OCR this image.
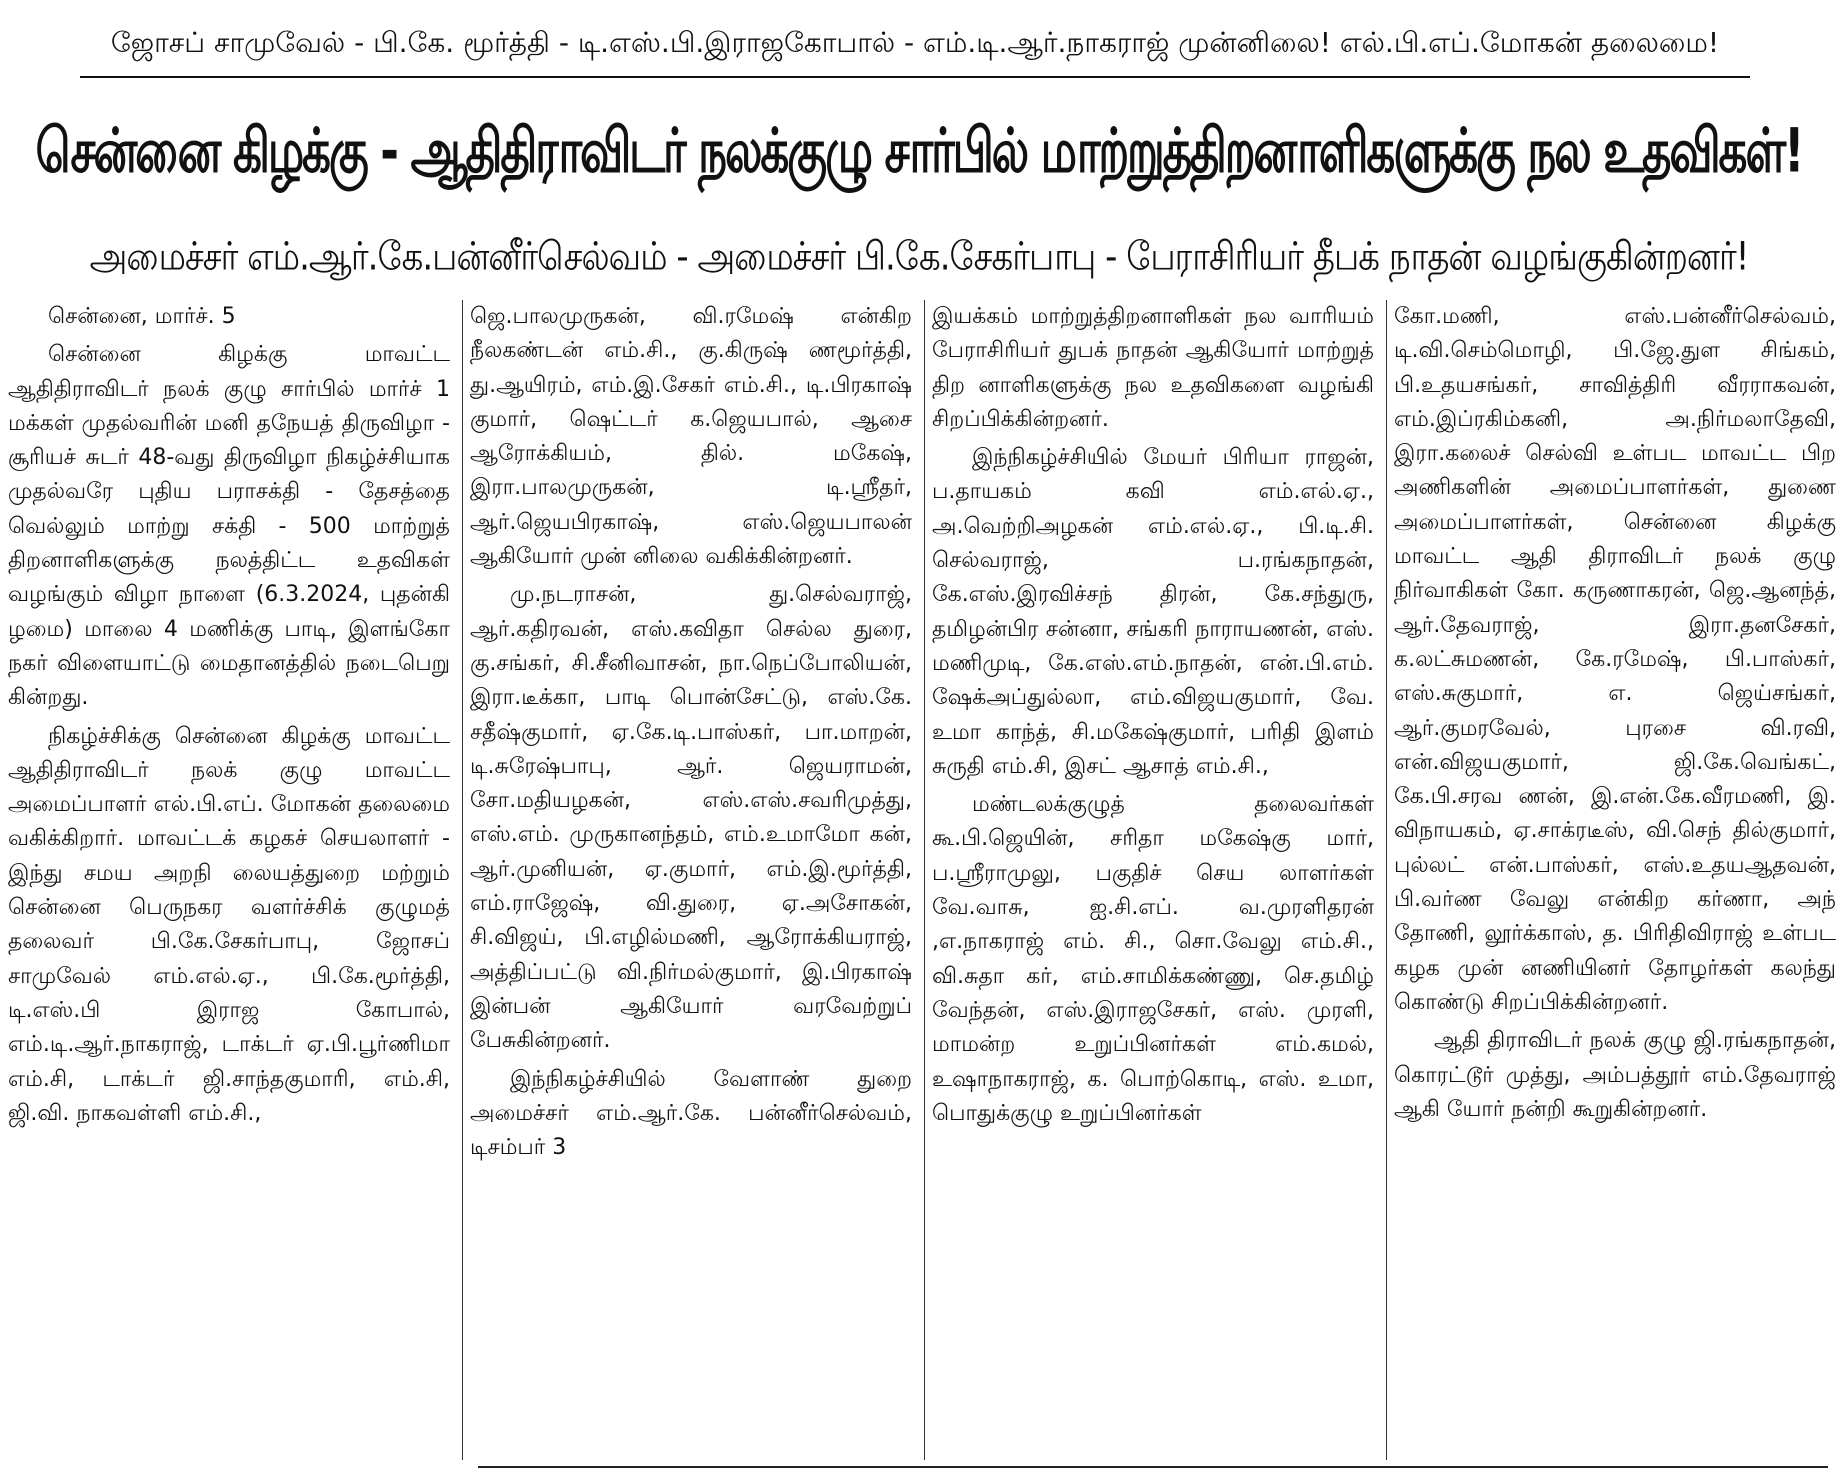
ஜோசப் சாமுவேல் - பி.கே. மூர்த்தி - டி.எஸ்.பி.இராஜகோபால் - எம்.டி.ஆர்.நாகராஜ் முன்னிலை! எல்.பி.எப்.மோகன் தலைமை!
சென்னை கிழக்கு - ஆதிதிராவிடர் நலக்குழு சார்பில் மாற்றுத்திறனாளிகளுக்கு நல உதவிகள்!
அமைச்சர் எம்.ஆர்.கே.பன்னீர்செல்வம் - அமைச்சர் பி.கே.சேகர்பாபு - பேராசிரியர் தீபக் நாதன் வழங்குகின்றனர்!

சென்னை, மார்ச். 5

சென்னை கிழக்கு மாவட்ட ஆதிதிராவிடர் நலக் குழு சார்பில் மார்ச் 1 மக்கள் முதல்வரின் மனி தநேயத் திருவிழா - சூரியச் சுடர் 48-வது திருவிழா நிகழ்ச்சியாக முதல்வரே புதிய பராசக்தி - தேசத்தை வெல்லும் மாற்று சக்தி - 500 மாற்றுத் திறனாளிகளுக்கு நலத்திட்ட உதவிகள் வழங்கும் விழா நாளை (6.3.2024, புதன்கி ழமை) மாலை 4 மணிக்கு பாடி, இளங்கோ நகர் விளையாட்டு மைதானத்தில் நடைபெறு கின்றது.

நிகழ்ச்சிக்கு சென்னை கிழக்கு மாவட்ட ஆதிதிராவிடர் நலக் குழு மாவட்ட அமைப்பாளர் எல்.பி.எப். மோகன் தலைமை வகிக்கிறார். மாவட்டக் கழகச் செயலாளர் - இந்து சமய அறநி லையத்துறை மற்றும் சென்னை பெருநகர வளர்ச்சிக் குழுமத் தலைவர் பி.கே.சேகர்பாபு, ஜோசப் சாமுவேல் எம்.எல்.ஏ., பி.கே.மூர்த்தி, டி.எஸ்.பி இராஜ கோபால், எம்.டி.ஆர்.நாகராஜ், டாக்டர் ஏ.பி.பூர்ணிமா எம்.சி, டாக்டர் ஜி.சாந்தகுமாரி, எம்.சி, ஜி.வி. நாகவள்ளி எம்.சி.,

ஜெ.பாலமுருகன், வி.ரமேஷ் என்கிற நீலகண்டன் எம்.சி., கு.கிருஷ் ணமூர்த்தி, து.ஆயிரம், எம்.இ.சேகர் எம்.சி., டி.பிரகாஷ் குமார், ஷெட்டர் க.ஜெயபால், ஆசை ஆரோக்கியம், தில். மகேஷ், இரா.பாலமுருகன், டி.ஸ்ரீதர், ஆர்.ஜெயபிரகாஷ், எஸ்.ஜெயபாலன் ஆகியோர் முன் னிலை வகிக்கின்றனர்.

மு.நடராசன், து.செல்வராஜ், ஆர்.கதிரவன், எஸ்.கவிதா செல்ல துரை, கு.சங்கர், சி.சீனிவாசன், நா.நெப்போலியன், இரா.டீக்கா, பாடி பொன்சேட்டு, எஸ்.கே. சதீஷ்குமார், ஏ.கே.டி.பாஸ்கர், பா.மாறன், டி.சுரேஷ்பாபு, ஆர். ஜெயராமன், சோ.மதியழகன், எஸ்.எஸ்.சவரிமுத்து, எஸ்.எம். முருகானந்தம், எம்.உமாமோ கன், ஆர்.முனியன், ஏ.குமார், எம்.இ.மூர்த்தி, எம்.ராஜேஷ், வி.துரை, ஏ.அசோகன், சி.விஜய், பி.எழில்மணி, ஆரோக்கியராஜ், அத்திப்பட்டு வி.நிர்மல்குமார், இ.பிரகாஷ் இன்பன் ஆகியோர் வரவேற்றுப் பேசுகின்றனர்.

இந்நிகழ்ச்சியில் வேளாண் துறை அமைச்சர் எம்.ஆர்.கே. பன்னீர்செல்வம், டிசம்பர் 3

இயக்கம் மாற்றுத்திறனாளிகள் நல வாரியம் பேராசிரியர் துபக் நாதன் ஆகியோர் மாற்றுத் திற னாளிகளுக்கு நல உதவிகளை வழங்கி சிறப்பிக்கின்றனர்.

இந்நிகழ்ச்சியில் மேயர் பிரியா ராஜன், ப.தாயகம் கவி எம்.எல்.ஏ., அ.வெற்றிஅழகன் எம்.எல்.ஏ., பி.டி.சி. செல்வராஜ், ப.ரங்கநாதன், கே.எஸ்.இரவிச்சந் திரன், கே.சந்துரு, தமிழன்பிர சன்னா, சங்கரி நாராயணன், எஸ். மணிமுடி, கே.எஸ்.எம்.நாதன், என்.பி.எம். ஷேக்அப்துல்லா, எம்.விஜயகுமார், வே. உமா காந்த், சி.மகேஷ்குமார், பரிதி இளம் சுருதி எம்.சி, இசட் ஆசாத் எம்.சி.,

மண்டலக்குழுத் தலைவர்கள் கூ.பி.ஜெயின், சரிதா மகேஷ்கு மார், ப.ஸ்ரீராமுலு, பகுதிச் செய லாளர்கள் வே.வாசு, ஐ.சி.எப். வ.முரளிதரன் ,எ.நாகராஜ் எம். சி., சொ.வேலு எம்.சி., வி.சுதா கர், எம்.சாமிக்கண்ணு, செ.தமிழ் வேந்தன், எஸ்.இராஜசேகர், எஸ். முரளி, மாமன்ற உறுப்பினர்கள் எம்.கமல், உஷாநாகராஜ், க. பொற்கொடி, எஸ். உமா, பொதுக்குழு உறுப்பினர்கள்

கோ.மணி, எஸ்.பன்னீர்செல்வம், டி.வி.செம்மொழி, பி.ஜே.துள சிங்கம், பி.உதயசங்கர், சாவித்திரி வீரராகவன், எம்.இப்ரகிம்கனி, அ.நிர்மலாதேவி, இரா.கலைச் செல்வி உள்பட மாவட்ட பிற அணிகளின் அமைப்பாளர்கள், துணை அமைப்பாளர்கள், சென்னை கிழக்கு மாவட்ட ஆதி திராவிடர் நலக் குழு நிர்வாகிகள் கோ. கருணாகரன், ஜெ.ஆனந்த், ஆர்.தேவராஜ், இரா.தனசேகர், க.லட்சுமணன், கே.ரமேஷ், பி.பாஸ்கர், எஸ்.சுகுமார், எ. ஜெய்சங்கர், ஆர்.குமரவேல், புரசை வி.ரவி, என்.விஜயகுமார், ஜி.கே.வெங்கட், கே.பி.சரவ ணன், இ.என்.கே.வீரமணி, இ. விநாயகம், ஏ.சாக்ரடீஸ், வி.செந் தில்குமார், புல்லட் என்.பாஸ்கர், எஸ்.உதயஆதவன், பி.வர்ண வேலு என்கிற கர்ணா, அந் தோணி, லூர்க்காஸ், த. பிரிதிவிராஜ் உள்பட கழக முன் னணியினர் தோழர்கள் கலந்து கொண்டு சிறப்பிக்கின்றனர்.

ஆதி திராவிடர் நலக் குழு ஜி.ரங்கநாதன், கொரட்டூர் முத்து, அம்பத்தூர் எம்.தேவராஜ் ஆகி யோர் நன்றி கூறுகின்றனர்.
